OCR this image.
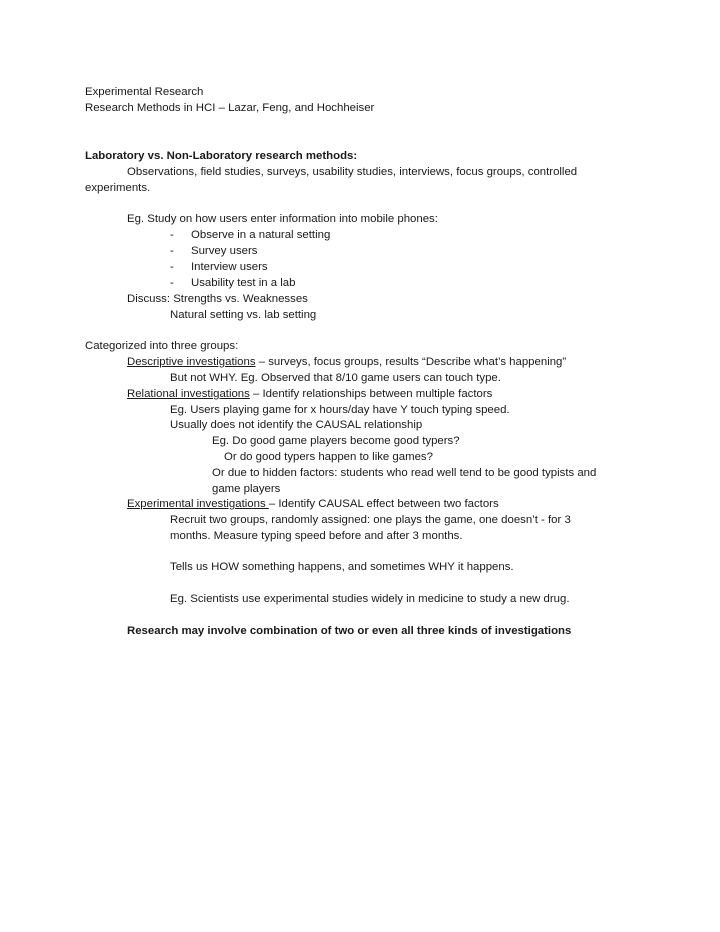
Experimental Research
Research Methods in HCI – Lazar, Feng, and Hochheiser
Laboratory vs. Non-Laboratory research methods:
Observations, field studies, surveys, usability studies, interviews, focus groups, controlled
experiments.
Eg. Study on how users enter information into mobile phones:
- Observe in a natural setting
- Survey users
- Interview users
- Usability test in a lab
Discuss: Strengths vs. Weaknesses
Natural setting vs. lab setting
Categorized into three groups:
Descriptive investigations – surveys, focus groups, results “Describe what’s happening”
But not WHY. Eg. Observed that 8/10 game users can touch type.
Relational investigations – Identify relationships between multiple factors
Eg. Users playing game for x hours/day have Y touch typing speed.
Usually does not identify the CAUSAL relationship
Eg. Do good game players become good typers?
Or do good typers happen to like games?
Or due to hidden factors: students who read well tend to be good typists and
game players
Experimental investigations – Identify CAUSAL effect between two factors
Recruit two groups, randomly assigned: one plays the game, one doesn’t - for 3
months. Measure typing speed before and after 3 months.
Tells us HOW something happens, and sometimes WHY it happens.
Eg. Scientists use experimental studies widely in medicine to study a new drug.
Research may involve combination of two or even all three kinds of investigations
